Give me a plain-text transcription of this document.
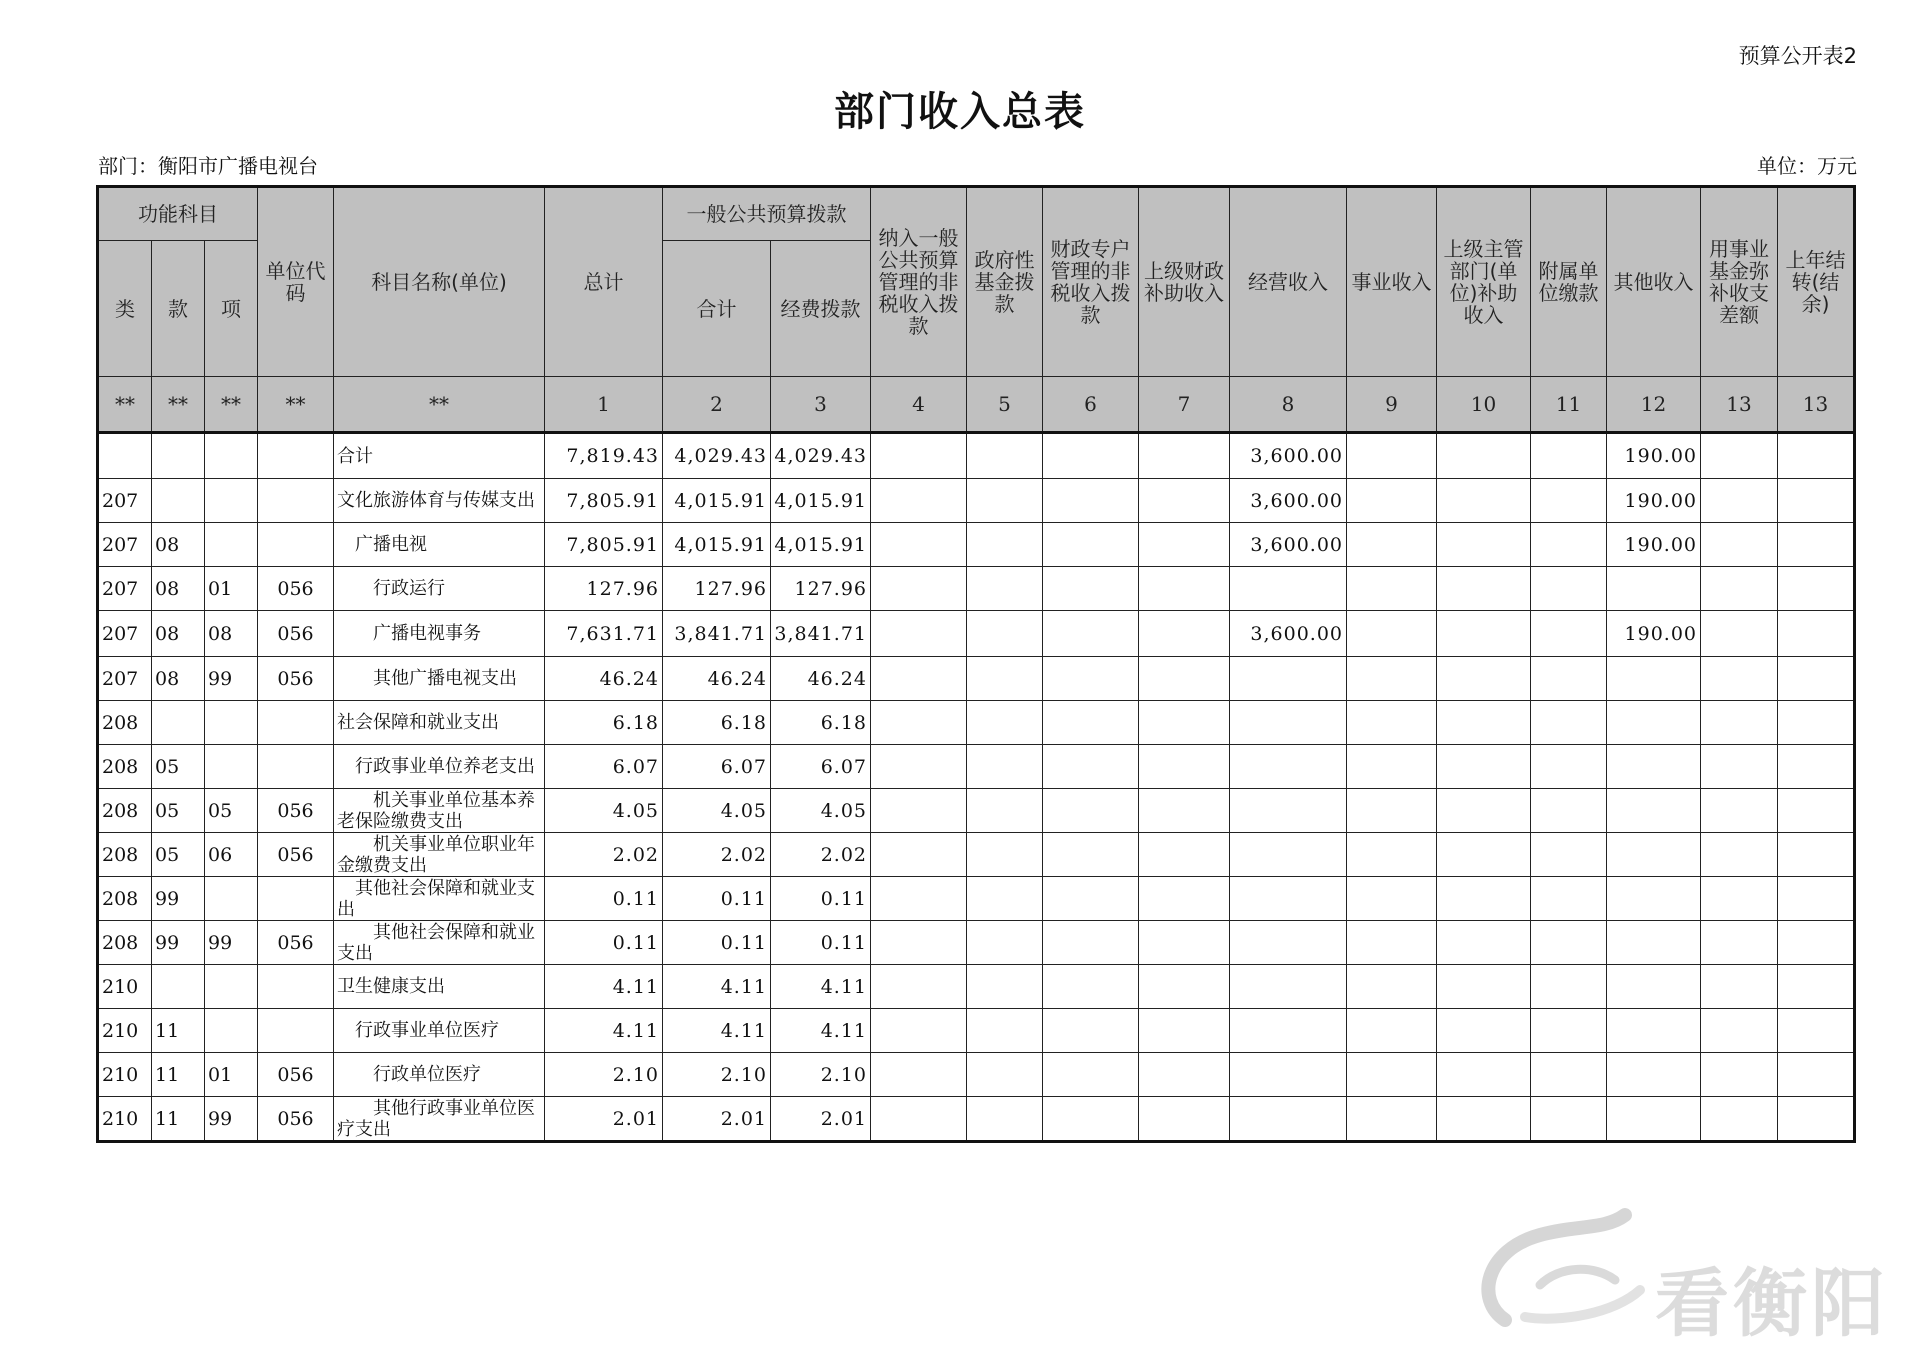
预算公开表2
部门收入总表
部门：衡阳市广播电视台	单位：万元
功能科目			单位代码	科目名称(单位)	总计	一般公共预算拨款		纳入一般公共预算管理的非税收入拨款	政府性基金拨款	财政专户管理的非税收入拨款	上级财政补助收入	经营收入	事业收入	上级主管部门(单位)补助收入	附属单位缴款	其他收入	用事业基金弥补收支差额	上年结转(结余)
类	款	项				合计	经费拨款											
**	**	**	**	**	1	2	3	4	5	6	7	8	9	10	11	12	13	13
				合计	7,819.43	4,029.43	4,029.43					3,600.00				190.00		
207				文化旅游体育与传媒支出	7,805.91	4,015.91	4,015.91					3,600.00				190.00		
207	08			　广播电视	7,805.91	4,015.91	4,015.91					3,600.00				190.00		
207	08	01	056	　　行政运行	127.96	127.96	127.96											
207	08	08	056	　　广播电视事务	7,631.71	3,841.71	3,841.71					3,600.00				190.00		
207	08	99	056	　　其他广播电视支出	46.24	46.24	46.24											
208				社会保障和就业支出	6.18	6.18	6.18											
208	05			　行政事业单位养老支出	6.07	6.07	6.07											
208	05	05	056	　　机关事业单位基本养老保险缴费支出	4.05	4.05	4.05											
208	05	06	056	　　机关事业单位职业年金缴费支出	2.02	2.02	2.02											
208	99			　其他社会保障和就业支出	0.11	0.11	0.11											
208	99	99	056	　　其他社会保障和就业支出	0.11	0.11	0.11											
210				卫生健康支出	4.11	4.11	4.11											
210	11			　行政事业单位医疗	4.11	4.11	4.11											
210	11	01	056	　　行政单位医疗	2.10	2.10	2.10											
210	11	99	056	　　其他行政事业单位医疗支出	2.01	2.01	2.01											
看衡阳
